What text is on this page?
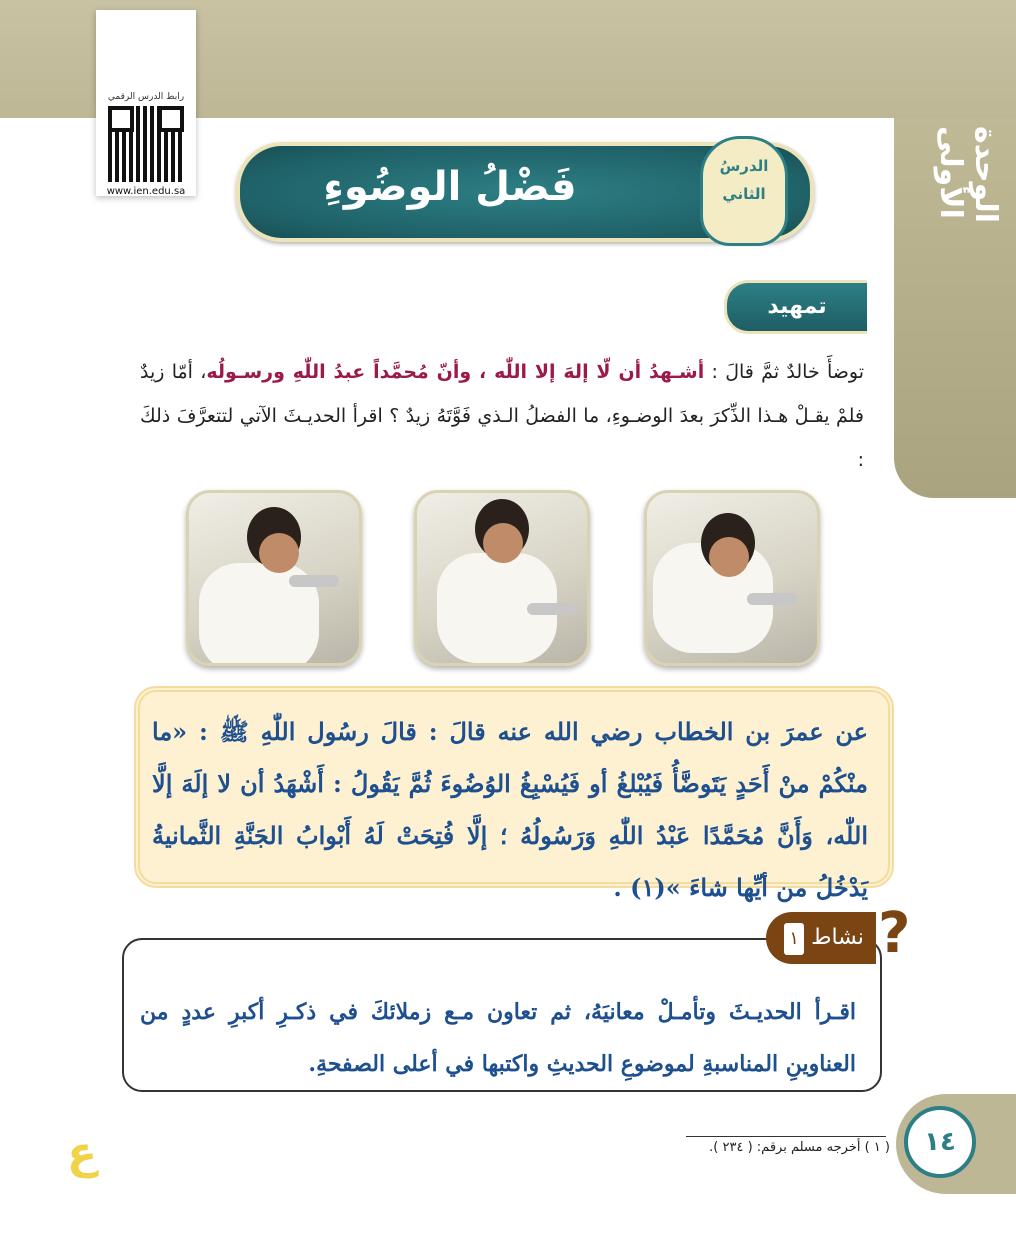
الوحدة الأولى
رابط الدرس الرقمي
www.ien.edu.sa	فَضْلُ الوضُوءِ	الدرسُ
الثاني
تمهيد
توضأَ خالدٌ ثمَّ قالَ : أشـهدُ أن لّا إلهَ إلا اللّٰه ، وأنّ مُحمَّداً عبدُ اللّٰهِ ورسـولُه، أمّا زيدٌ فلمْ يقـلْ هـذا الذِّكرَ بعدَ الوضـوءِ، ما الفضلُ الـذي فَوَّتَهُ زيدٌ ؟ اقرأ الحديـثَ الآتي لتتعرَّفَ ذلكَ :
عن عمرَ بن الخطاب رضي الله عنه قالَ : قالَ رسُول اللّٰهِ ﷺ : «ما منْكُمْ منْ أَحَدٍ يَتَوضَّأُ فَيُبْلغُ أو فَيُسْبِغُ الوُضُوءَ ثُمَّ يَقُولُ : أَشْهَدُ أن لا إلَهَ إلَّا اللّٰه، وَأَنَّ مُحَمَّدًا عَبْدُ اللّٰهِ وَرَسُولُهُ ؛ إلَّا فُتِحَتْ لَهُ أَبْوابُ الجَنَّةِ الثَّمانيةُ يَدْخُلُ من أيِّها شاءَ »(١) .
١ نشاط ?
اقـرأ الحديـثَ وتأمـلْ معانيَهُ، ثم تعاون مـع زملائكَ في ذكـرِ أكبرِ عددٍ من العناوينِ المناسبةِ لموضوعِ الحديثِ واكتبها في أعلى الصفحةِ.
( ١ ) أخرجه مسلم برقم: ( ٢٣٤ ).	١٤
ع
